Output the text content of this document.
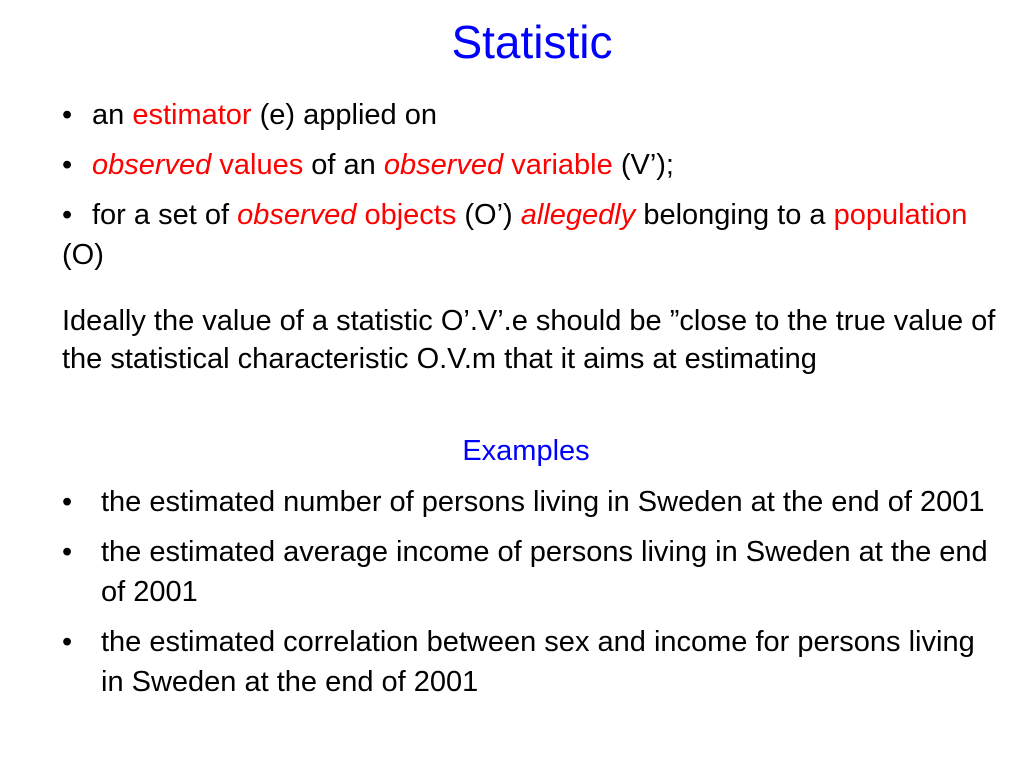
Statistic
• an estimator (e) applied on
• observed values of an observed variable (V’);
• for a set of observed objects (O’) allegedly belonging to a population (O)

Ideally the value of a statistic O’.V’.e should be ”close to the true value of the statistical characteristic O.V.m that it aims at estimating

Examples
• the estimated number of persons living in Sweden at the end of 2001
• the estimated average income of persons living in Sweden at the end of 2001
• the estimated correlation between sex and income for persons living in Sweden at the end of 2001
